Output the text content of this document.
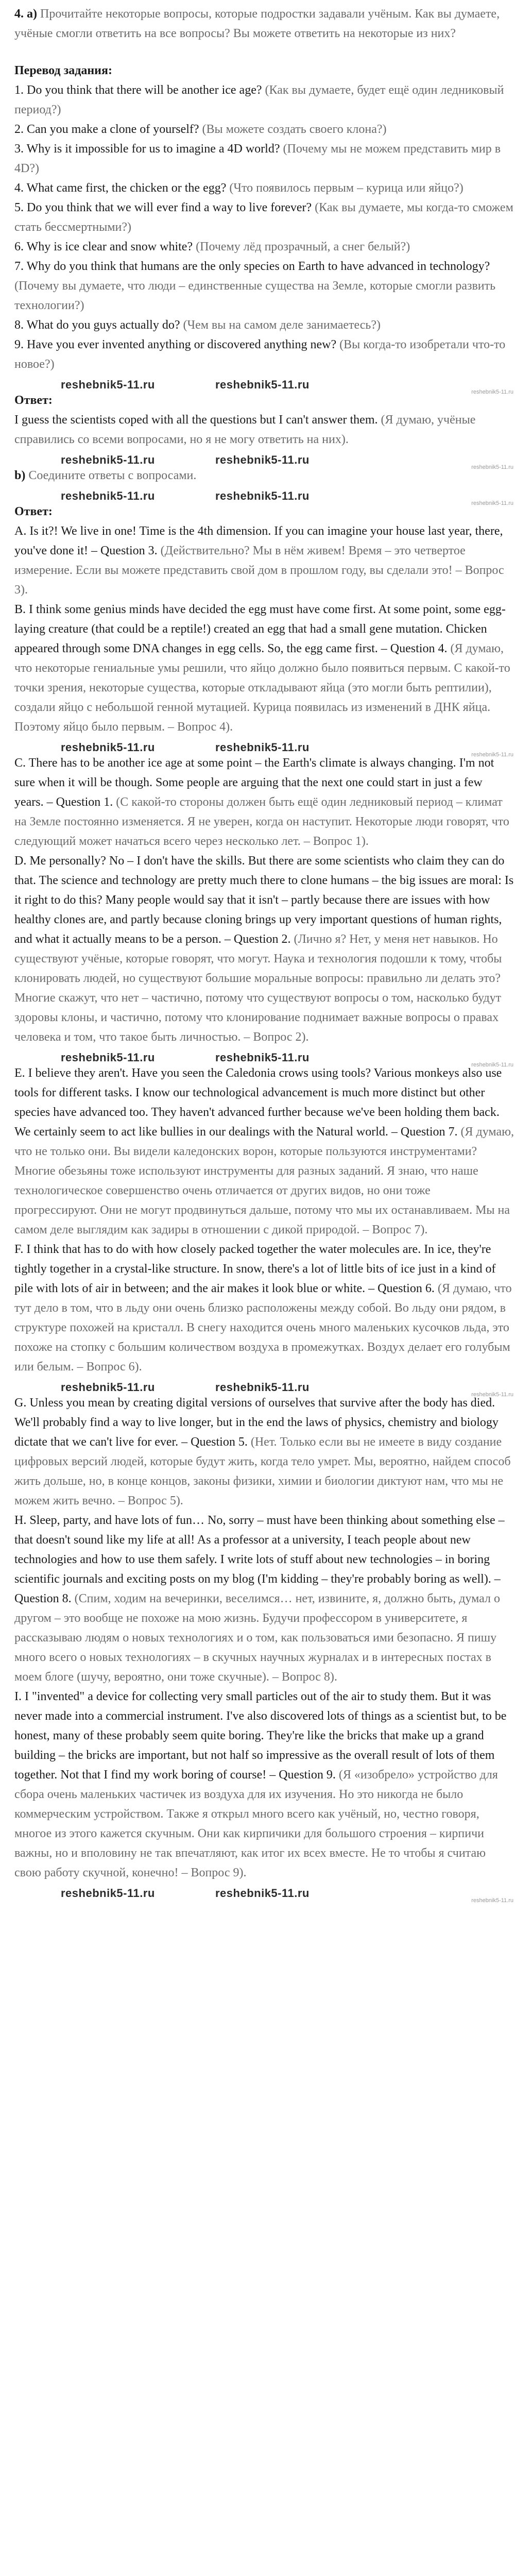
4. а) Прочитайте некоторые вопросы, которые подростки задавали учёным. Как вы думаете, учёные смогли ответить на все вопросы? Вы можете ответить на некоторые из них?

Перевод задания:

1. Do you think that there will be another ice age? (Как вы думаете, будет ещё один ледниковый период?)

2. Can you make a clone of yourself? (Вы можете создать своего клона?)

3. Why is it impossible for us to imagine a 4D world? (Почему мы не можем представить мир в 4D?)

4. What came first, the chicken or the egg? (Что появилось первым – курица или яйцо?)

5. Do you think that we will ever find a way to live forever? (Как вы думаете, мы когда-то сможем стать бессмертными?)

6. Why is ice clear and snow white? (Почему лёд прозрачный, а снег белый?)

7. Why do you think that humans are the only species on Earth to have advanced in technology? (Почему вы думаете, что люди – единственные существа на Земле, которые смогли развить технологии?)

8. What do you guys actually do? (Чем вы на самом деле занимаетесь?)

9. Have you ever invented anything or discovered anything new? (Вы когда-то изобретали что-то новое?)

reshebnik5-11.ru	reshebnik5-11.ru
reshebnik5-11.ru

Ответ:

I guess the scientists coped with all the questions but I can't answer them. (Я думаю, учёные справились со всеми вопросами, но я не могу ответить на них).

reshebnik5-11.ru	reshebnik5-11.ru
reshebnik5-11.ru

b) Соедините ответы с вопросами.

reshebnik5-11.ru	reshebnik5-11.ru
reshebnik5-11.ru

Ответ:

A. Is it?! We live in one! Time is the 4th dimension. If you can imagine your house last year, there, you've done it! – Question 3. (Действительно? Мы в нём живем! Время – это четвертое измерение. Если вы можете представить свой дом в прошлом году, вы сделали это! – Вопрос 3).

B. I think some genius minds have decided the egg must have come first. At some point, some egg-laying creature (that could be a reptile!) created an egg that had a small gene mutation. Chicken appeared through some DNA changes in egg cells. So, the egg came first. – Question 4. (Я думаю, что некоторые гениальные умы решили, что яйцо должно было появиться первым. С какой-то точки зрения, некоторые существа, которые откладывают яйца (это могли быть рептилии), создали яйцо с небольшой генной мутацией. Курица появилась из изменений в ДНК яйца. Поэтому яйцо было первым. – Вопрос 4).

reshebnik5-11.ru	reshebnik5-11.ru
reshebnik5-11.ru

C. There has to be another ice age at some point – the Earth's climate is always changing. I'm not sure when it will be though. Some people are arguing that the next one could start in just a few years. – Question 1. (С какой-то стороны должен быть ещё один ледниковый период – климат на Земле постоянно изменяется. Я не уверен, когда он наступит. Некоторые люди говорят, что следующий может начаться всего через несколько лет. – Вопрос 1).

D. Me personally? No – I don't have the skills. But there are some scientists who claim they can do that. The science and technology are pretty much there to clone humans – the big issues are moral: Is it right to do this? Many people would say that it isn't – partly because there are issues with how healthy clones are, and partly because cloning brings up very important questions of human rights, and what it actually means to be a person. – Question 2. (Лично я? Нет, у меня нет навыков. Но существуют учёные, которые говорят, что могут. Наука и технология подошли к тому, чтобы клонировать людей, но существуют большие моральные вопросы: правильно ли делать это? Многие скажут, что нет – частично, потому что существуют вопросы о том, насколько будут здоровы клоны, и частично, потому что клонирование поднимает важные вопросы о правах человека и том, что такое быть личностью. – Вопрос 2).

reshebnik5-11.ru	reshebnik5-11.ru
reshebnik5-11.ru

E. I believe they aren't. Have you seen the Caledonia crows using tools? Various monkeys also use tools for different tasks. I know our technological advancement is much more distinct but other species have advanced too. They haven't advanced further because we've been holding them back. We certainly seem to act like bullies in our dealings with the Natural world. – Question 7. (Я думаю, что не только они. Вы видели каледонских ворон, которые пользуются инструментами? Многие обезьяны тоже используют инструменты для разных заданий. Я знаю, что наше технологическое совершенство очень отличается от других видов, но они тоже прогрессируют. Они не могут продвинуться дальше, потому что мы их останавливаем. Мы на самом деле выглядим как задиры в отношении с дикой природой. – Вопрос 7).

F. I think that has to do with how closely packed together the water molecules are. In ice, they're tightly together in a crystal-like structure. In snow, there's a lot of little bits of ice just in a kind of pile with lots of air in between; and the air makes it look blue or white. – Question 6. (Я думаю, что тут дело в том, что в льду они очень близко расположены между собой. Во льду они рядом, в структуре похожей на кристалл. В снегу находится очень много маленьких кусочков льда, это похоже на стопку с большим количеством воздуха в промежутках. Воздух делает его голубым или белым. – Вопрос 6).

reshebnik5-11.ru	reshebnik5-11.ru
reshebnik5-11.ru

G. Unless you mean by creating digital versions of ourselves that survive after the body has died. We'll probably find a way to live longer, but in the end the laws of physics, chemistry and biology dictate that we can't live for ever. – Question 5. (Нет. Только если вы не имеете в виду создание цифровых версий людей, которые будут жить, когда тело умрет. Мы, вероятно, найдем способ жить дольше, но, в конце концов, законы физики, химии и биологии диктуют нам, что мы не можем жить вечно. – Вопрос 5).

H. Sleep, party, and have lots of fun… No, sorry – must have been thinking about something else – that doesn't sound like my life at all! As a professor at a university, I teach people about new technologies and how to use them safely. I write lots of stuff about new technologies – in boring scientific journals and exciting posts on my blog (I'm kidding – they're probably boring as well). – Question 8. (Спим, ходим на вечеринки, веселимся… нет, извините, я, должно быть, думал о другом – это вообще не похоже на мою жизнь. Будучи профессором в университете, я рассказываю людям о новых технологиях и о том, как пользоваться ими безопасно. Я пишу много всего о новых технологиях – в скучных научных журналах и в интересных постах в моем блоге (шучу, вероятно, они тоже скучные). – Вопрос 8).

I. I "invented" a device for collecting very small particles out of the air to study them. But it was never made into a commercial instrument. I've also discovered lots of things as a scientist but, to be honest, many of these probably seem quite boring. They're like the bricks that make up a grand building – the bricks are important, but not half so impressive as the overall result of lots of them together. Not that I find my work boring of course! – Question 9. (Я «изобрело» устройство для сбора очень маленьких частичек из воздуха для их изучения. Но это никогда не было коммерческим устройством. Также я открыл много всего как учёный, но, честно говоря, многое из этого кажется скучным. Они как кирпичики для большого строения – кирпичи важны, но и вполовину не так впечатляют, как итог их всех вместе. Не то чтобы я считаю свою работу скучной, конечно! – Вопрос 9).

reshebnik5-11.ru	reshebnik5-11.ru
reshebnik5-11.ru
